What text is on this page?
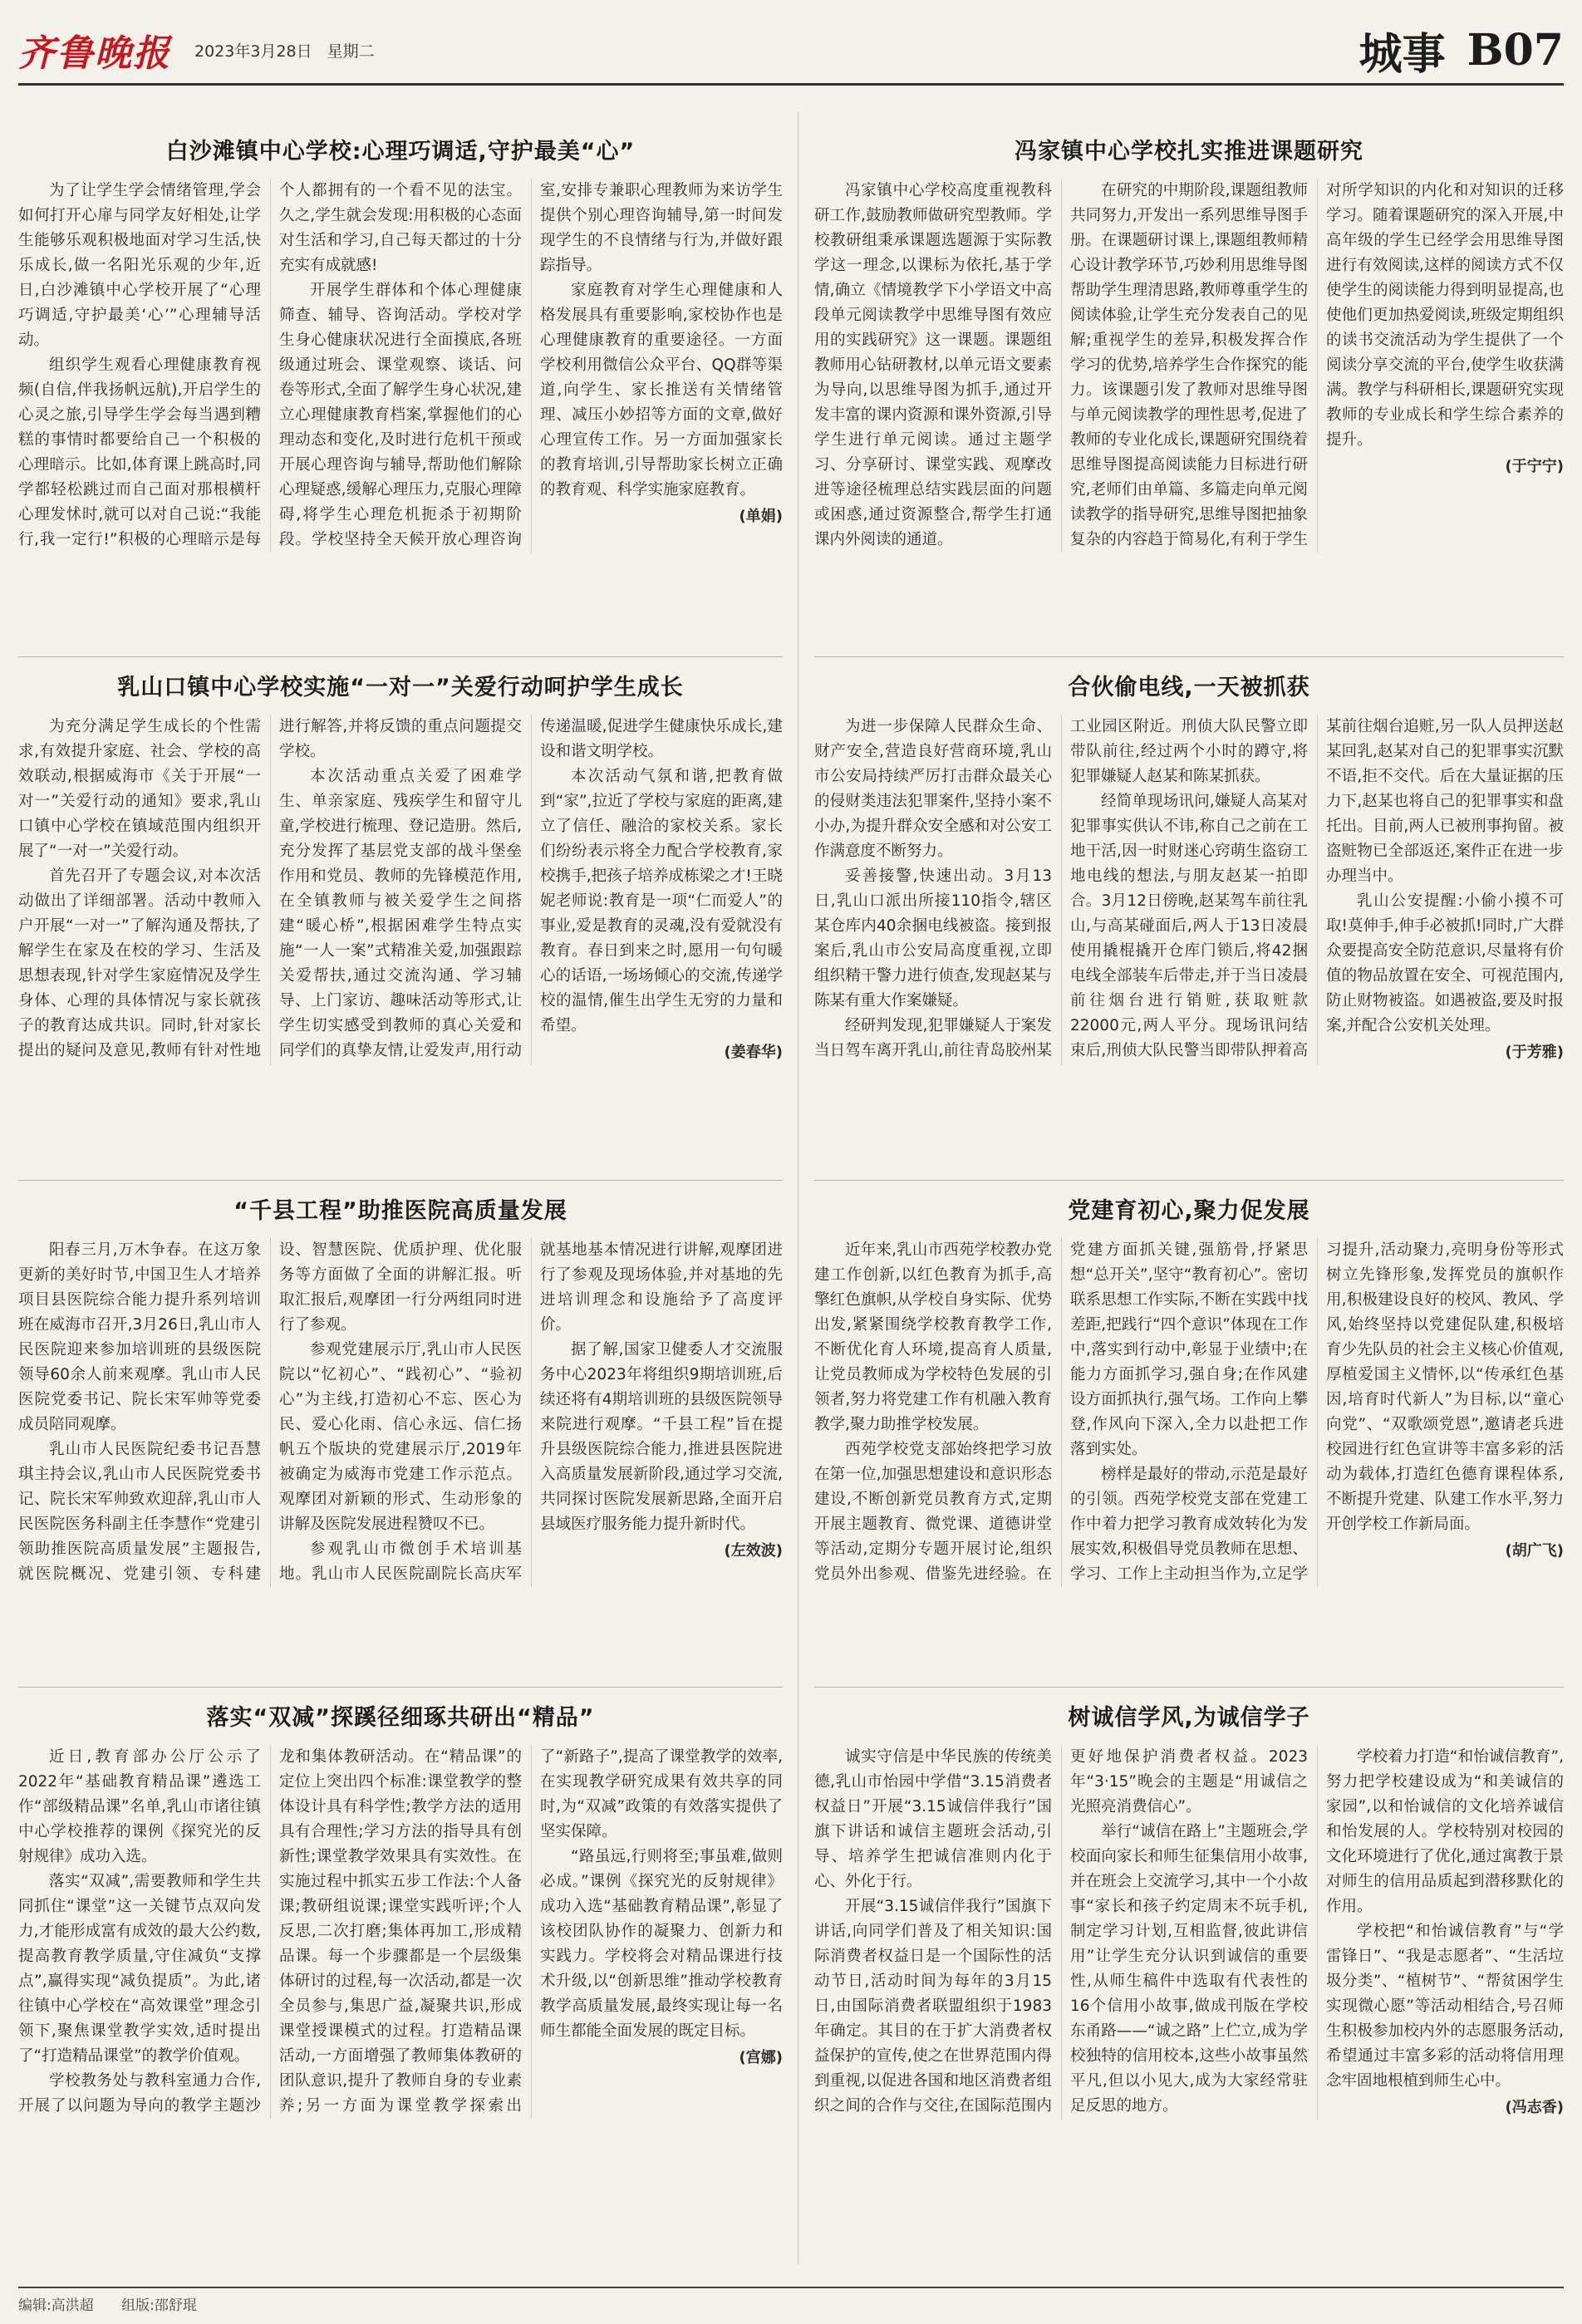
齐鲁晚报 2023年3月28日 星期二	城事 B07
白沙滩镇中心学校:心理巧调适,守护最美“心”

为了让学生学会情绪管理,学会如何打开心扉与同学友好相处,让学生能够乐观积极地面对学习生活,快乐成长,做一名阳光乐观的少年,近日,白沙滩镇中心学校开展了“心理巧调适,守护最美‘心’”心理辅导活动。

组织学生观看心理健康教育视频(自信,伴我扬帆远航),开启学生的心灵之旅,引导学生学会每当遇到糟糕的事情时都要给自己一个积极的心理暗示。比如,体育课上跳高时,同学都轻松跳过而自己面对那根横杆心理发怵时,就可以对自己说:“我能行,我一定行!”积极的心理暗示是每个人都拥有的一个看不见的法宝。久之,学生就会发现:用积极的心态面对生活和学习,自己每天都过的十分充实有成就感!

开展学生群体和个体心理健康筛查、辅导、咨询活动。学校对学生身心健康状况进行全面摸底,各班级通过班会、课堂观察、谈话、问卷等形式,全面了解学生身心状况,建立心理健康教育档案,掌握他们的心理动态和变化,及时进行危机干预或开展心理咨询与辅导,帮助他们解除心理疑惑,缓解心理压力,克服心理障碍,将学生心理危机扼杀于初期阶段。学校坚持全天候开放心理咨询室,安排专兼职心理教师为来访学生提供个别心理咨询辅导,第一时间发现学生的不良情绪与行为,并做好跟踪指导。

家庭教育对学生心理健康和人格发展具有重要影响,家校协作也是心理健康教育的重要途径。一方面学校利用微信公众平台、QQ群等渠道,向学生、家长推送有关情绪管理、减压小妙招等方面的文章,做好心理宣传工作。另一方面加强家长的教育培训,引导帮助家长树立正确的教育观、科学实施家庭教育。

(单娟)
乳山口镇中心学校实施“一对一”关爱行动呵护学生成长

为充分满足学生成长的个性需求,有效提升家庭、社会、学校的高效联动,根据威海市《关于开展“一对一”关爱行动的通知》要求,乳山口镇中心学校在镇域范围内组织开展了“一对一”关爱行动。

首先召开了专题会议,对本次活动做出了详细部署。活动中教师入户开展“一对一”了解沟通及帮扶,了解学生在家及在校的学习、生活及思想表现,针对学生家庭情况及学生身体、心理的具体情况与家长就孩子的教育达成共识。同时,针对家长提出的疑问及意见,教师有针对性地进行解答,并将反馈的重点问题提交学校。

本次活动重点关爱了困难学生、单亲家庭、残疾学生和留守儿童,学校进行梳理、登记造册。然后,充分发挥了基层党支部的战斗堡垒作用和党员、教师的先锋模范作用,在全镇教师与被关爱学生之间搭建“暖心桥”,根据困难学生特点实施“一人一案”式精准关爱,加强跟踪关爱帮扶,通过交流沟通、学习辅导、上门家访、趣味活动等形式,让学生切实感受到教师的真心关爱和同学们的真挚友情,让爱发声,用行动传递温暖,促进学生健康快乐成长,建设和谐文明学校。

本次活动气氛和谐,把教育做到“家”,拉近了学校与家庭的距离,建立了信任、融洽的家校关系。家长们纷纷表示将全力配合学校教育,家校携手,把孩子培养成栋梁之才!王晓妮老师说:教育是一项“仁而爱人”的事业,爱是教育的灵魂,没有爱就没有教育。春日到来之时,愿用一句句暖心的话语,一场场倾心的交流,传递学校的温情,催生出学生无穷的力量和希望。

(姜春华)
“千县工程”助推医院高质量发展

阳春三月,万木争春。在这万象更新的美好时节,中国卫生人才培养项目县医院综合能力提升系列培训班在威海市召开,3月26日,乳山市人民医院迎来参加培训班的县级医院领导60余人前来观摩。乳山市人民医院党委书记、院长宋军帅等党委成员陪同观摩。

乳山市人民医院纪委书记吾慧琪主持会议,乳山市人民医院党委书记、院长宋军帅致欢迎辞,乳山市人民医院医务科副主任李慧作“党建引领助推医院高质量发展”主题报告,就医院概况、党建引领、专科建设、智慧医院、优质护理、优化服务等方面做了全面的讲解汇报。听取汇报后,观摩团一行分两组同时进行了参观。

参观党建展示厅,乳山市人民医院以“忆初心”、“践初心”、“验初心”为主线,打造初心不忘、医心为民、爱心化雨、信心永远、信仁扬帆五个版块的党建展示厅,2019年被确定为威海市党建工作示范点。观摩团对新颖的形式、生动形象的讲解及医院发展进程赞叹不已。

参观乳山市微创手术培训基地。乳山市人民医院副院长高庆军就基地基本情况进行讲解,观摩团进行了参观及现场体验,并对基地的先进培训理念和设施给予了高度评价。

据了解,国家卫健委人才交流服务中心2023年将组织9期培训班,后续还将有4期培训班的县级医院领导来院进行观摩。“千县工程”旨在提升县级医院综合能力,推进县医院进入高质量发展新阶段,通过学习交流,共同探讨医院发展新思路,全面开启县域医疗服务能力提升新时代。

(左效波)
落实“双减”探蹊径细琢共研出“精品”

近日,教育部办公厅公示了2022年“基础教育精品课”遴选工作“部级精品课”名单,乳山市诸往镇中心学校推荐的课例《探究光的反射规律》成功入选。

落实“双减”,需要教师和学生共同抓住“课堂”这一关键节点双向发力,才能形成富有成效的最大公约数,提高教育教学质量,守住减负“支撑点”,赢得实现“减负提质”。为此,诸往镇中心学校在“高效课堂”理念引领下,聚焦课堂教学实效,适时提出了“打造精品课堂”的教学价值观。

学校教务处与教科室通力合作,开展了以问题为导向的教学主题沙龙和集体教研活动。在“精品课”的定位上突出四个标准:课堂教学的整体设计具有科学性;教学方法的适用具有合理性;学习方法的指导具有创新性;课堂教学效果具有实效性。在实施过程中抓实五步工作法:个人备课;教研组说课;课堂实践听评;个人反思,二次打磨;集体再加工,形成精品课。每一个步骤都是一个层级集体研讨的过程,每一次活动,都是一次全员参与,集思广益,凝聚共识,形成课堂授课模式的过程。打造精品课活动,一方面增强了教师集体教研的团队意识,提升了教师自身的专业素养;另一方面为课堂教学探索出了“新路子”,提高了课堂教学的效率,在实现教学研究成果有效共享的同时,为“双减”政策的有效落实提供了坚实保障。

“路虽远,行则将至;事虽难,做则必成。”课例《探究光的反射规律》成功入选“基础教育精品课”,彰显了该校团队协作的凝聚力、创新力和实践力。学校将会对精品课进行技术升级,以“创新思维”推动学校教育教学高质量发展,最终实现让每一名师生都能全面发展的既定目标。

(宫娜)
冯家镇中心学校扎实推进课题研究

冯家镇中心学校高度重视教科研工作,鼓励教师做研究型教师。学校教研组秉承课题选题源于实际教学这一理念,以课标为依托,基于学情,确立《情境教学下小学语文中高段单元阅读教学中思维导图有效应用的实践研究》这一课题。课题组教师用心钻研教材,以单元语文要素为导向,以思维导图为抓手,通过开发丰富的课内资源和课外资源,引导学生进行单元阅读。通过主题学习、分享研讨、课堂实践、观摩改进等途径梳理总结实践层面的问题或困惑,通过资源整合,帮学生打通课内外阅读的通道。

在研究的中期阶段,课题组教师共同努力,开发出一系列思维导图手册。在课题研讨课上,课题组教师精心设计教学环节,巧妙利用思维导图帮助学生理清思路,教师尊重学生的阅读体验,让学生充分发表自己的见解;重视学生的差异,积极发挥合作学习的优势,培养学生合作探究的能力。该课题引发了教师对思维导图与单元阅读教学的理性思考,促进了教师的专业化成长,课题研究围绕着思维导图提高阅读能力目标进行研究,老师们由单篇、多篇走向单元阅读教学的指导研究,思维导图把抽象复杂的内容趋于简易化,有利于学生对所学知识的内化和对知识的迁移学习。随着课题研究的深入开展,中高年级的学生已经学会用思维导图进行有效阅读,这样的阅读方式不仅使学生的阅读能力得到明显提高,也使他们更加热爱阅读,班级定期组织的读书交流活动为学生提供了一个阅读分享交流的平台,使学生收获满满。教学与科研相长,课题研究实现教师的专业成长和学生综合素养的提升。

(于宁宁)
合伙偷电线,一天被抓获

为进一步保障人民群众生命、财产安全,营造良好营商环境,乳山市公安局持续严厉打击群众最关心的侵财类违法犯罪案件,坚持小案不小办,为提升群众安全感和对公安工作满意度不断努力。

妥善接警,快速出动。3月13日,乳山口派出所接110指令,辖区某仓库内40余捆电线被盗。接到报案后,乳山市公安局高度重视,立即组织精干警力进行侦查,发现赵某与陈某有重大作案嫌疑。

经研判发现,犯罪嫌疑人于案发当日驾车离开乳山,前往青岛胶州某工业园区附近。刑侦大队民警立即带队前往,经过两个小时的蹲守,将犯罪嫌疑人赵某和陈某抓获。

经简单现场讯问,嫌疑人高某对犯罪事实供认不讳,称自己之前在工地干活,因一时财迷心窍萌生盗窃工地电线的想法,与朋友赵某一拍即合。3月12日傍晚,赵某驾车前往乳山,与高某碰面后,两人于13日凌晨使用撬棍撬开仓库门锁后,将42捆电线全部装车后带走,并于当日凌晨前往烟台进行销赃,获取赃款22000元,两人平分。现场讯问结束后,刑侦大队民警当即带队押着高某前往烟台追赃,另一队人员押送赵某回乳,赵某对自己的犯罪事实沉默不语,拒不交代。后在大量证据的压力下,赵某也将自己的犯罪事实和盘托出。目前,两人已被刑事拘留。被盗赃物已全部返还,案件正在进一步办理当中。

乳山公安提醒:小偷小摸不可取!莫伸手,伸手必被抓!同时,广大群众要提高安全防范意识,尽量将有价值的物品放置在安全、可视范围内,防止财物被盗。如遇被盗,要及时报案,并配合公安机关处理。

(于芳雅)
党建育初心,聚力促发展

近年来,乳山市西苑学校教办党建工作创新,以红色教育为抓手,高擎红色旗帜,从学校自身实际、优势出发,紧紧围绕学校教育教学工作,不断优化育人环境,提高育人质量,让党员教师成为学校特色发展的引领者,努力将党建工作有机融入教育教学,聚力助推学校发展。

西苑学校党支部始终把学习放在第一位,加强思想建设和意识形态建设,不断创新党员教育方式,定期开展主题教育、微党课、道德讲堂等活动,定期分专题开展讨论,组织党员外出参观、借鉴先进经验。在党建方面抓关键,强筋骨,抒紧思想“总开关”,坚守“教育初心”。密切联系思想工作实际,不断在实践中找差距,把践行“四个意识”体现在工作中,落实到行动中,彰显于业绩中;在能力方面抓学习,强自身;在作风建设方面抓执行,强气场。工作向上攀登,作风向下深入,全力以赴把工作落到实处。

榜样是最好的带动,示范是最好的引领。西苑学校党支部在党建工作中着力把学习教育成效转化为发展实效,积极倡导党员教师在思想、学习、工作上主动担当作为,立足学习提升,活动聚力,亮明身份等形式树立先锋形象,发挥党员的旗帜作用,积极建设良好的校风、教风、学风,始终坚持以党建促队建,积极培育少先队员的社会主义核心价值观,厚植爱国主义情怀,以“传承红色基因,培育时代新人”为目标,以“童心向党”、“双歌颂党恩”,邀请老兵进校园进行红色宣讲等丰富多彩的活动为载体,打造红色德育课程体系,不断提升党建、队建工作水平,努力开创学校工作新局面。

(胡广飞)
树诚信学风,为诚信学子

诚实守信是中华民族的传统美德,乳山市怡园中学借“3.15消费者权益日”开展“3.15诚信伴我行”国旗下讲话和诚信主题班会活动,引导、培养学生把诚信准则内化于心、外化于行。

开展“3.15诚信伴我行”国旗下讲话,向同学们普及了相关知识:国际消费者权益日是一个国际性的活动节日,活动时间为每年的3月15日,由国际消费者联盟组织于1983年确定。其目的在于扩大消费者权益保护的宣传,使之在世界范围内得到重视,以促进各国和地区消费者组织之间的合作与交往,在国际范围内更好地保护消费者权益。2023年“3·15”晚会的主题是“用诚信之光照亮消费信心”。

举行“诚信在路上”主题班会,学校面向家长和师生征集信用小故事,并在班会上交流学习,其中一个小故事“家长和孩子约定周末不玩手机,制定学习计划,互相监督,彼此讲信用”让学生充分认识到诚信的重要性,从师生稿件中选取有代表性的16个信用小故事,做成刊版在学校东甬路——“诚之路”上伫立,成为学校独特的信用校本,这些小故事虽然平凡,但以小见大,成为大家经常驻足反思的地方。

学校着力打造“和怡诚信教育”,努力把学校建设成为“和美诚信的家园”,以和怡诚信的文化培养诚信和怡发展的人。学校特别对校园的文化环境进行了优化,通过寓教于景对师生的信用品质起到潜移默化的作用。

学校把“和怡诚信教育”与“学雷锋日”、“我是志愿者”、“生活垃圾分类”、“植树节”、“帮贫困学生实现微心愿”等活动相结合,号召师生积极参加校内外的志愿服务活动,希望通过丰富多彩的活动将信用理念牢固地根植到师生心中。

(冯志香)
编辑:高洪超 组版:邵舒琨
